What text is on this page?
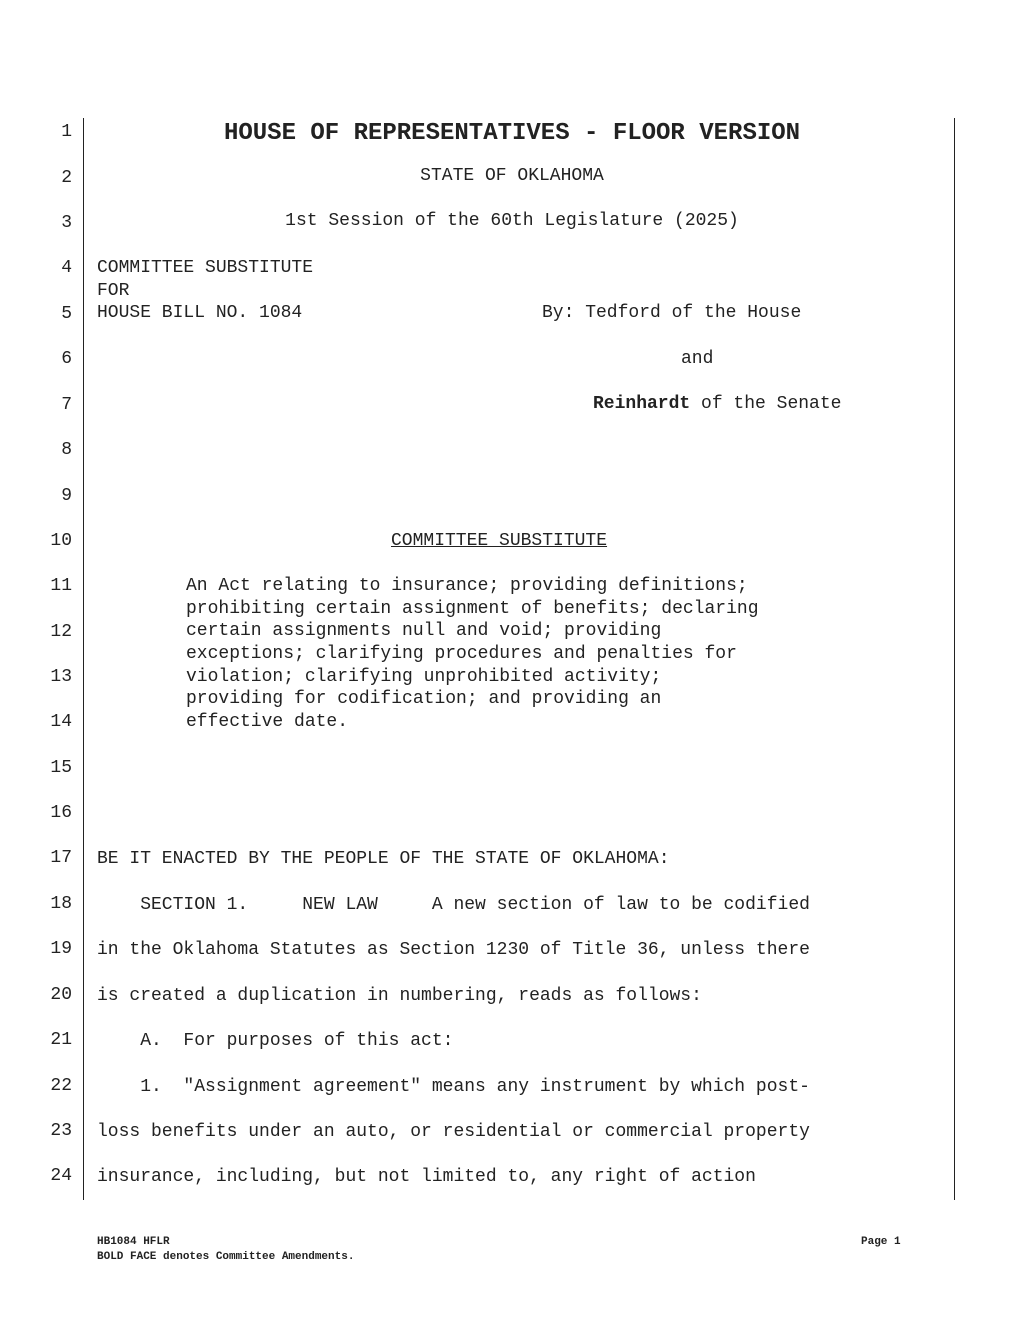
1
2
3
4
5
6
7
8
9
10
11
12
13
14
15
16
17
18
19
20
21
22
23
24
HOUSE OF REPRESENTATIVES - FLOOR VERSION
STATE OF OKLAHOMA
1st Session of the 60th Legislature (2025)
COMMITTEE SUBSTITUTE
FOR
HOUSE BILL NO. 1084	By: Tedford of the House
and
Reinhardt of the Senate
COMMITTEE SUBSTITUTE
An Act relating to insurance; providing definitions;
prohibiting certain assignment of benefits; declaring
certain assignments null and void; providing
exceptions; clarifying procedures and penalties for
violation; clarifying unprohibited activity;
providing for codification; and providing an
effective date.
BE IT ENACTED BY THE PEOPLE OF THE STATE OF OKLAHOMA:
SECTION 1.     NEW LAW     A new section of law to be codified
in the Oklahoma Statutes as Section 1230 of Title 36, unless there
is created a duplication in numbering, reads as follows:
A.  For purposes of this act:
1.  "Assignment agreement" means any instrument by which post-
loss benefits under an auto, or residential or commercial property
insurance, including, but not limited to, any right of action
HB1084 HFLR
BOLD FACE denotes Committee Amendments.
Page 1
